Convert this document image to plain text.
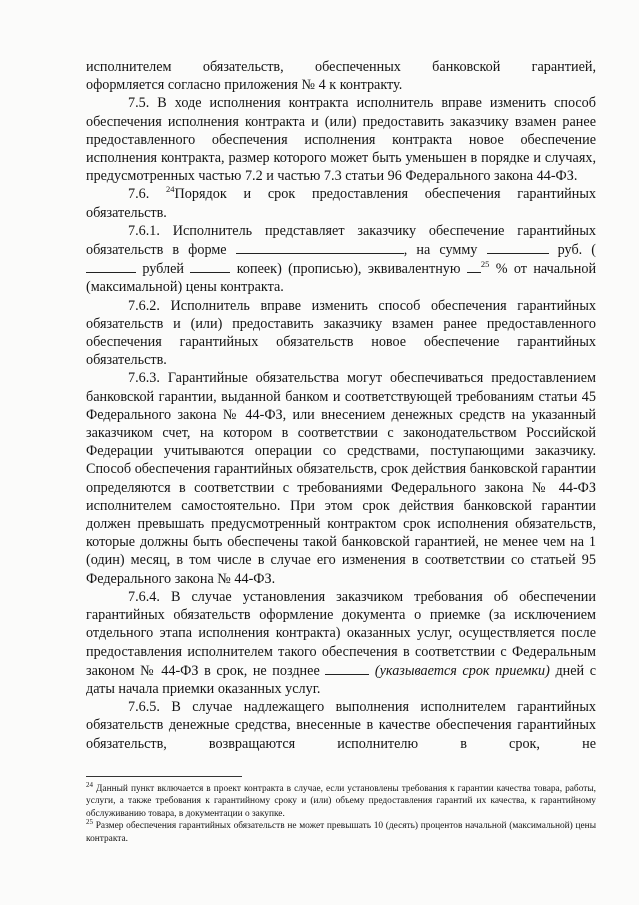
исполнителем обязательств, обеспеченных банковской гарантией,

оформляется согласно приложения № 4 к контракту.

7.5. В ходе исполнения контракта исполнитель вправе изменить способ обеспечения исполнения контракта и (или) предоставить заказчику взамен ранее предоставленного обеспечения исполнения контракта новое обеспечение исполнения контракта, размер которого может быть уменьшен в порядке и случаях, предусмотренных частью 7.2 и частью 7.3 статьи 96 Федерального закона 44-ФЗ.

7.6. $^{24}$Порядок и срок предоставления обеспечения гарантийных обязательств.

7.6.1. Исполнитель представляет заказчику обеспечение гарантийных обязательств в форме	, на сумму	руб. ( рублей	копеек) (прописью), эквивалентную $^{25}$ % от начальной (максимальной) цены контракта.

7.6.2. Исполнитель вправе изменить способ обеспечения гарантийных обязательств и (или) предоставить заказчику взамен ранее предоставленного обеспечения гарантийных обязательств новое обеспечение гарантийных обязательств.

7.6.3. Гарантийные обязательства могут обеспечиваться предоставлением банковской гарантии, выданной банком и соответствующей требованиям статьи 45 Федерального закона № 44-ФЗ, или внесением денежных средств на указанный заказчиком счет, на котором в соответствии с законодательством Российской Федерации учитываются операции со средствами, поступающими заказчику. Способ обеспечения гарантийных обязательств, срок действия банковской гарантии определяются в соответствии с требованиями Федерального закона № 44-ФЗ исполнителем самостоятельно. При этом срок действия банковской гарантии должен превышать предусмотренный контрактом срок исполнения обязательств, которые должны быть обеспечены такой банковской гарантией, не менее чем на 1 (один) месяц, в том числе в случае его изменения в соответствии со статьей 95 Федерального закона № 44-ФЗ.

7.6.4. В случае установления заказчиком требования об обеспечении гарантийных обязательств оформление документа о приемке (за исключением отдельного этапа исполнения контракта) оказанных услуг, осуществляется после предоставления исполнителем такого обеспечения в соответствии с Федеральным законом № 44-ФЗ в срок, не позднее	(указывается срок приемки) дней с даты начала приемки оказанных услуг.

7.6.5. В случае надлежащего выполнения исполнителем гарантийных обязательств денежные средства, внесенные в качестве обеспечения гарантийных обязательств, возвращаются исполнителю в срок, не

$^{24}$ Данный пункт включается в проект контракта в случае, если установлены требования к гарантии качества товара, работы, услуги, а также требования к гарантийному сроку и (или) объему предоставления гарантий их качества, к гарантийному обслуживанию товара, в документации о закупке.

$^{25}$ Размер обеспечения гарантийных обязательств не может превышать 10 (десять) процентов начальной (максимальной) цены контракта.
